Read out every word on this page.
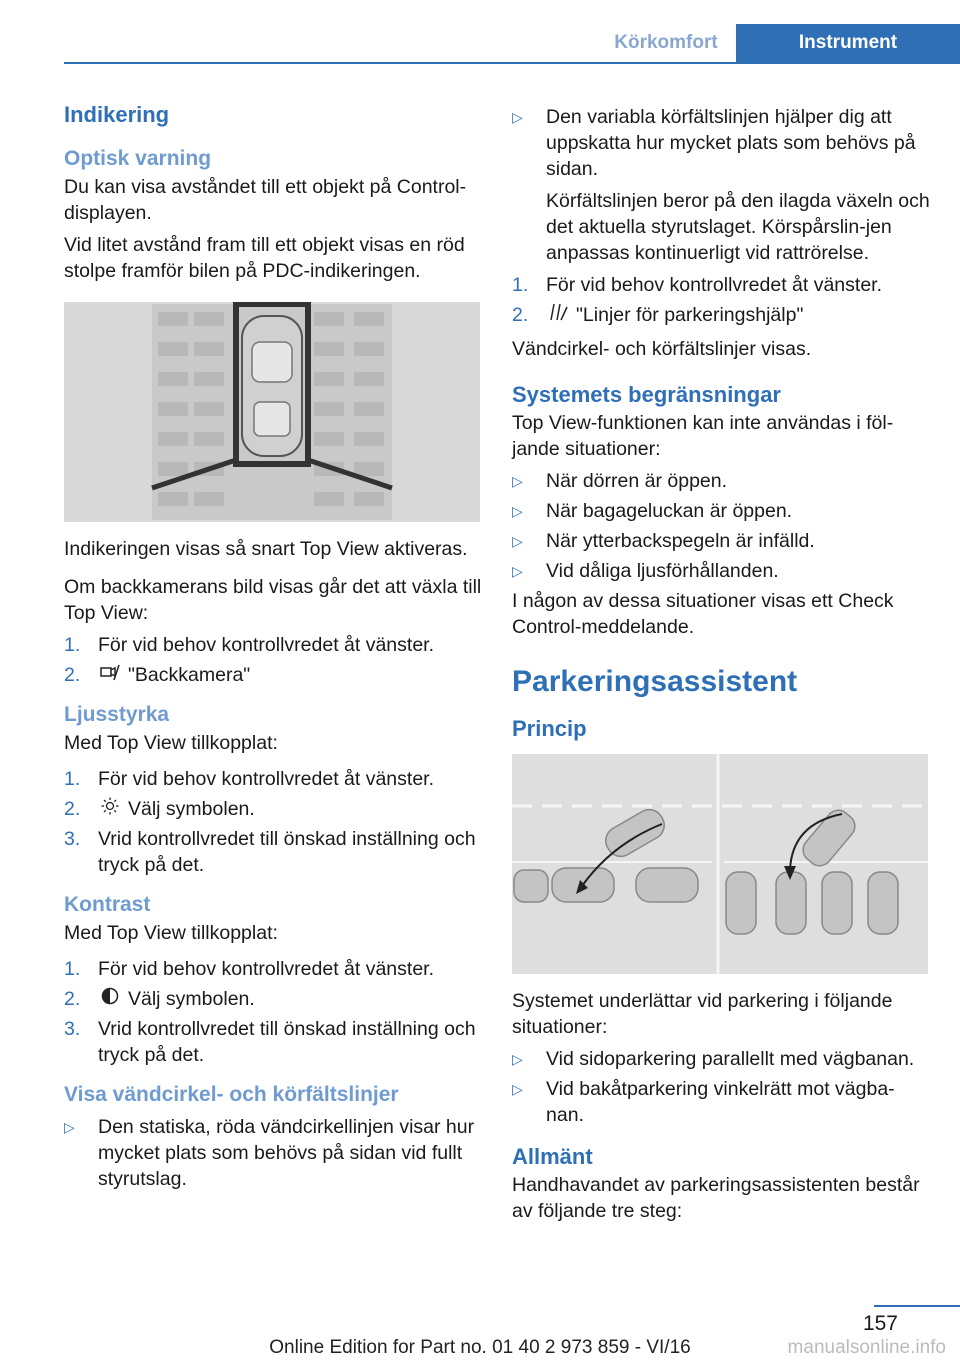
Körkomfort	Instrument
Indikering
Optisk varning

Du kan visa avståndet till ett objekt på Control-displayen.

Vid litet avstånd fram till ett objekt visas en röd stolpe framför bilen på PDC-indikeringen.

Indikeringen visas så snart Top View aktiveras.

Om backkamerans bild visas går det att växla till Top View:

1. För vid behov kontrollvredet åt vänster.
2.	"Backkamera"
Ljusstyrka

Med Top View tillkopplat:

1. För vid behov kontrollvredet åt vänster.
2.	Välj symbolen.
3. Vrid kontrollvredet till önskad inställning och tryck på det.
Kontrast

Med Top View tillkopplat:

1. För vid behov kontrollvredet åt vänster.
2.	Välj symbolen.
3. Vrid kontrollvredet till önskad inställning och tryck på det.
Visa vändcirkel- och körfältslinjer
▷	Den statiska, röda vändcirkellinjen visar hur mycket plats som behövs på sidan vid fullt styrutslag.
▷	Den variabla körfältslinjen hjälper dig att uppskatta hur mycket plats som behövs på sidan.

Körfältslinjen beror på den ilagda växeln och det aktuella styrutslaget. Körspårslin-jen anpassas kontinuerligt vid rattrörelse.

1. För vid behov kontrollvredet åt vänster.
2.	"Linjer för parkeringshjälp"

Vändcirkel- och körfältslinjer visas.

Systemets begränsningar

Top View-funktionen kan inte användas i föl-jande situationer:

▷	När dörren är öppen.
▷	När bagageluckan är öppen.
▷	När ytterbackspegeln är infälld.
▷	Vid dåliga ljusförhållanden.

I någon av dessa situationer visas ett Check Control-meddelande.

Parkeringsassistent
Princip

Systemet underlättar vid parkering i följande situationer:

▷	Vid sidoparkering parallellt med vägbanan.
▷	Vid bakåtparkering vinkelrätt mot vägba-nan.
Allmänt

Handhavandet av parkeringsassistenten består av följande tre steg:

157
Online Edition for Part no. 01 40 2 973 859 - VI/16	manualsonline.info
